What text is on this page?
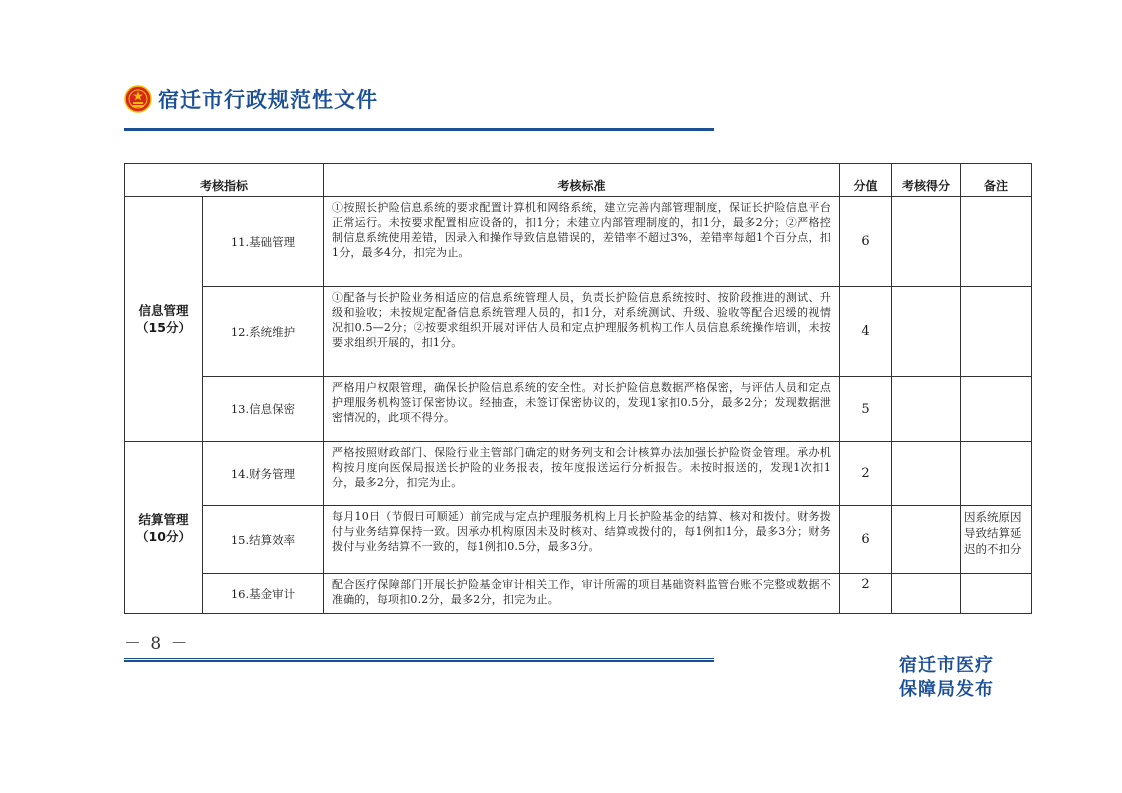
宿迁市行政规范性文件
考核指标		考核标准	分值	考核得分	备注

信息管理
（15分）	11.基础管理	①按照长护险信息系统的要求配置计算机和网络系统，建立完善内部管理制度，保证长护险信息平台正常运行。未按要求配置相应设备的，扣1分；未建立内部管理制度的，扣1分，最多2分；②严格控制信息系统使用差错，因录入和操作导致信息错误的，差错率不超过3%，差错率每超1个百分点，扣1分，最多4分，扣完为止。	6		
	12.系统维护	①配备与长护险业务相适应的信息系统管理人员，负责长护险信息系统按时、按阶段推进的测试、升级和验收；未按规定配备信息系统管理人员的，扣1分，对系统测试、升级、验收等配合迟缓的视情况扣0.5—2分；②按要求组织开展对评估人员和定点护理服务机构工作人员信息系统操作培训，未按要求组织开展的，扣1分。	4		
	13.信息保密	严格用户权限管理，确保长护险信息系统的安全性。对长护险信息数据严格保密，与评估人员和定点护理服务机构签订保密协议。经抽查，未签订保密协议的，发现1家扣0.5分，最多2分；发现数据泄密情况的，此项不得分。	5		

结算管理
（10分）	14.财务管理	严格按照财政部门、保险行业主管部门确定的财务列支和会计核算办法加强长护险资金管理。承办机构按月度向医保局报送长护险的业务报表，按年度报送运行分析报告。未按时报送的，发现1次扣1分，最多2分，扣完为止。	2		
	15.结算效率	每月10日（节假日可顺延）前完成与定点护理服务机构上月长护险基金的结算、核对和拨付。财务拨付与业务结算保持一致。因承办机构原因未及时核对、结算或拨付的，每1例扣1分，最多3分；财务拨付与业务结算不一致的，每1例扣0.5分，最多3分。	6		因系统原因导致结算延迟的不扣分
	16.基金审计	配合医疗保障部门开展长护险基金审计相关工作，审计所需的项目基础资料监管台账不完整或数据不准确的，每项扣0.2分，最多2分，扣完为止。	2		
－ 8 －
宿迁市医疗
保障局发布
